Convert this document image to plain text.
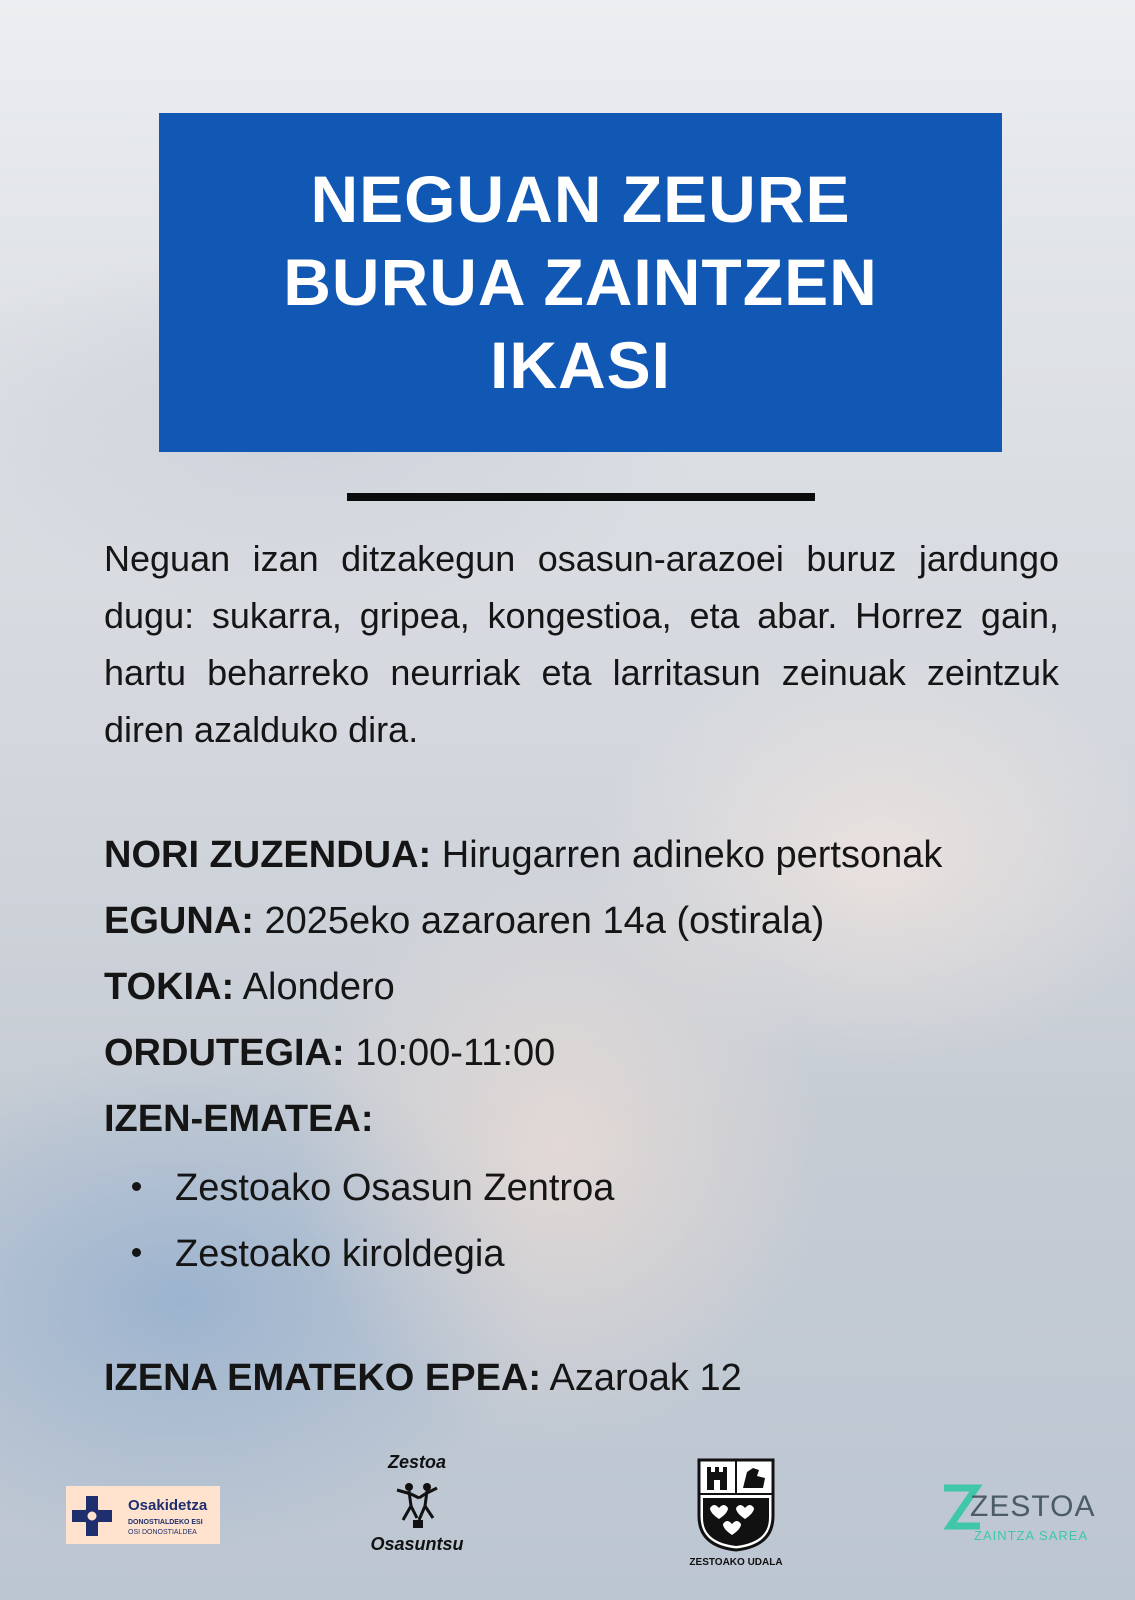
NEGUAN ZEURE
BURUA ZAINTZEN
IKASI

Neguan izan ditzakegun osasun-arazoei buruz jardungo dugu: sukarra, gripea, kongestioa, eta abar. Horrez gain, hartu beharreko neurriak eta larritasun zeinuak zeintzuk diren azalduko dira.

NORI ZUZENDUA: Hirugarren adineko pertsonak
EGUNA: 2025eko azaroaren 14a (ostirala)
TOKIA: Alondero
ORDUTEGIA: 10:00-11:00
IZEN-EMATEA:
Zestoako Osasun Zentroa
Zestoako kiroldegia
IZENA EMATEKO EPEA: Azaroak 12
Osakidetza
DONOSTIALDEKO ESI
OSI DONOSTIALDEA
Zestoa
Osasuntsu
ZESTOAKO UDALA
ZESTOA
ZAINTZA SAREA
